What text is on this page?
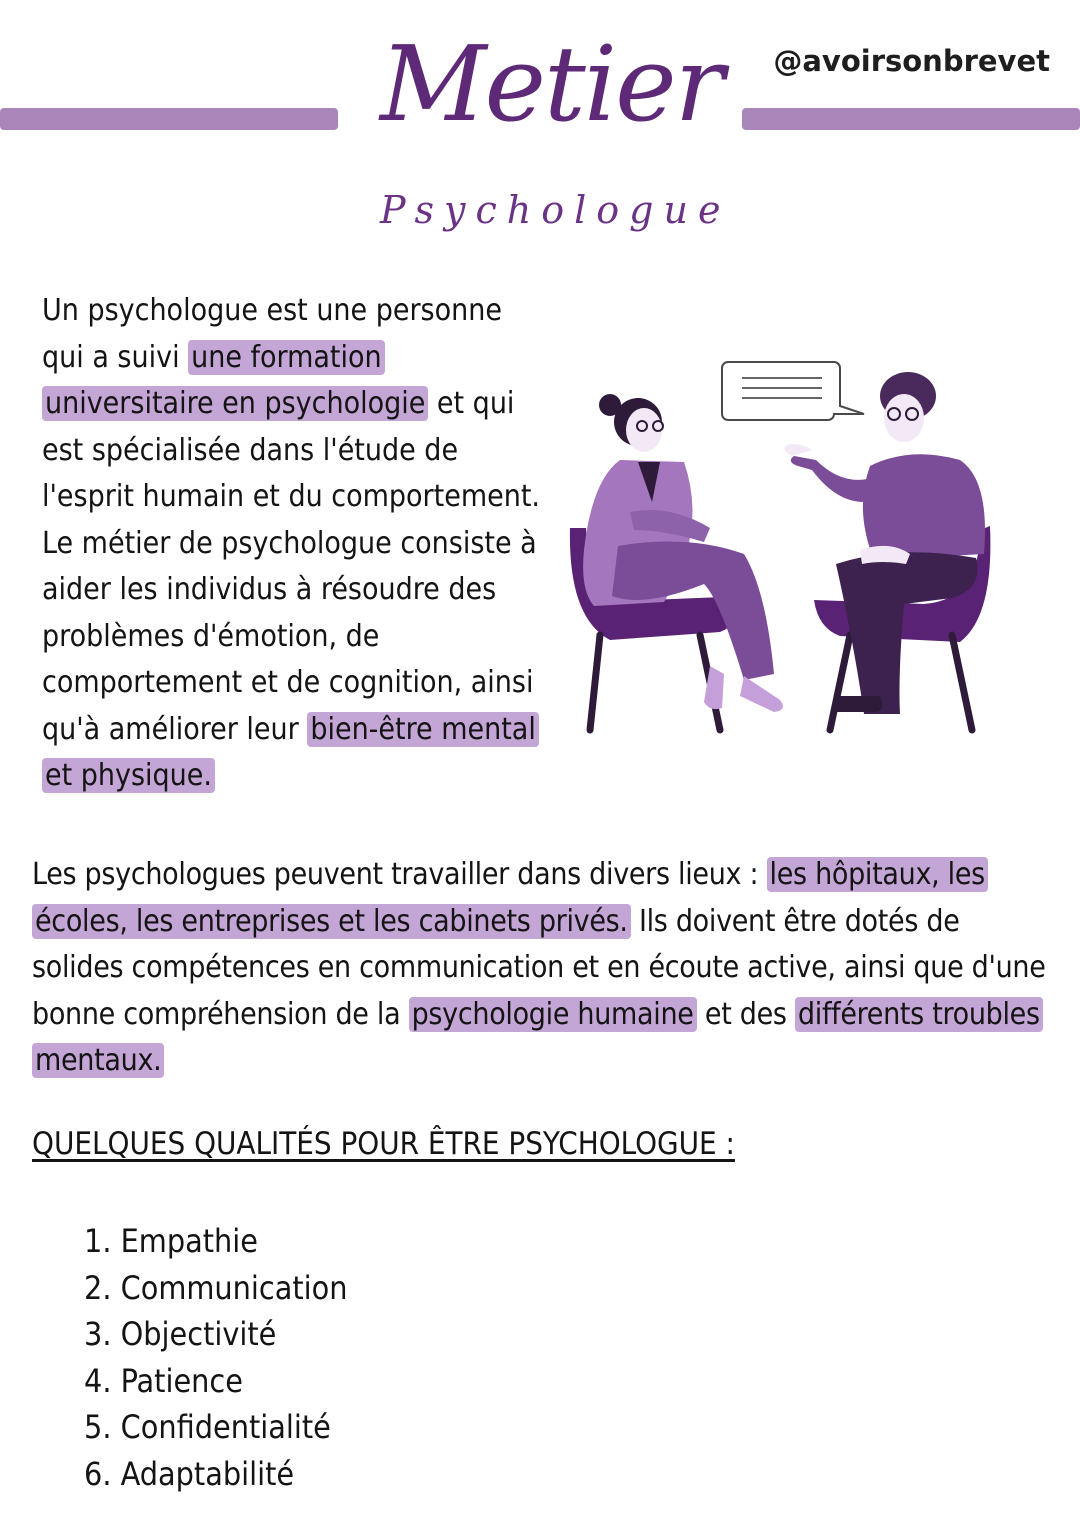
Metier
Psychologue
@avoirsonbrevet
Un psychologue est une personne qui a suivi une formation universitaire en psychologie et qui est spécialisée dans l'étude de l'esprit humain et du comportement. Le métier de psychologue consiste à aider les individus à résoudre des problèmes d'émotion, de comportement et de cognition, ainsi qu'à améliorer leur bien-être mental et physique.
Les psychologues peuvent travailler dans divers lieux : les hôpitaux, les écoles, les entreprises et les cabinets privés. Ils doivent être dotés de solides compétences en communication et en écoute active, ainsi que d'une bonne compréhension de la psychologie humaine et des différents troubles mentaux.
QUELQUES QUALITÉS POUR ÊTRE PSYCHOLOGUE :
1. Empathie
2. Communication
3. Objectivité
4. Patience
5. Confidentialité
6. Adaptabilité
